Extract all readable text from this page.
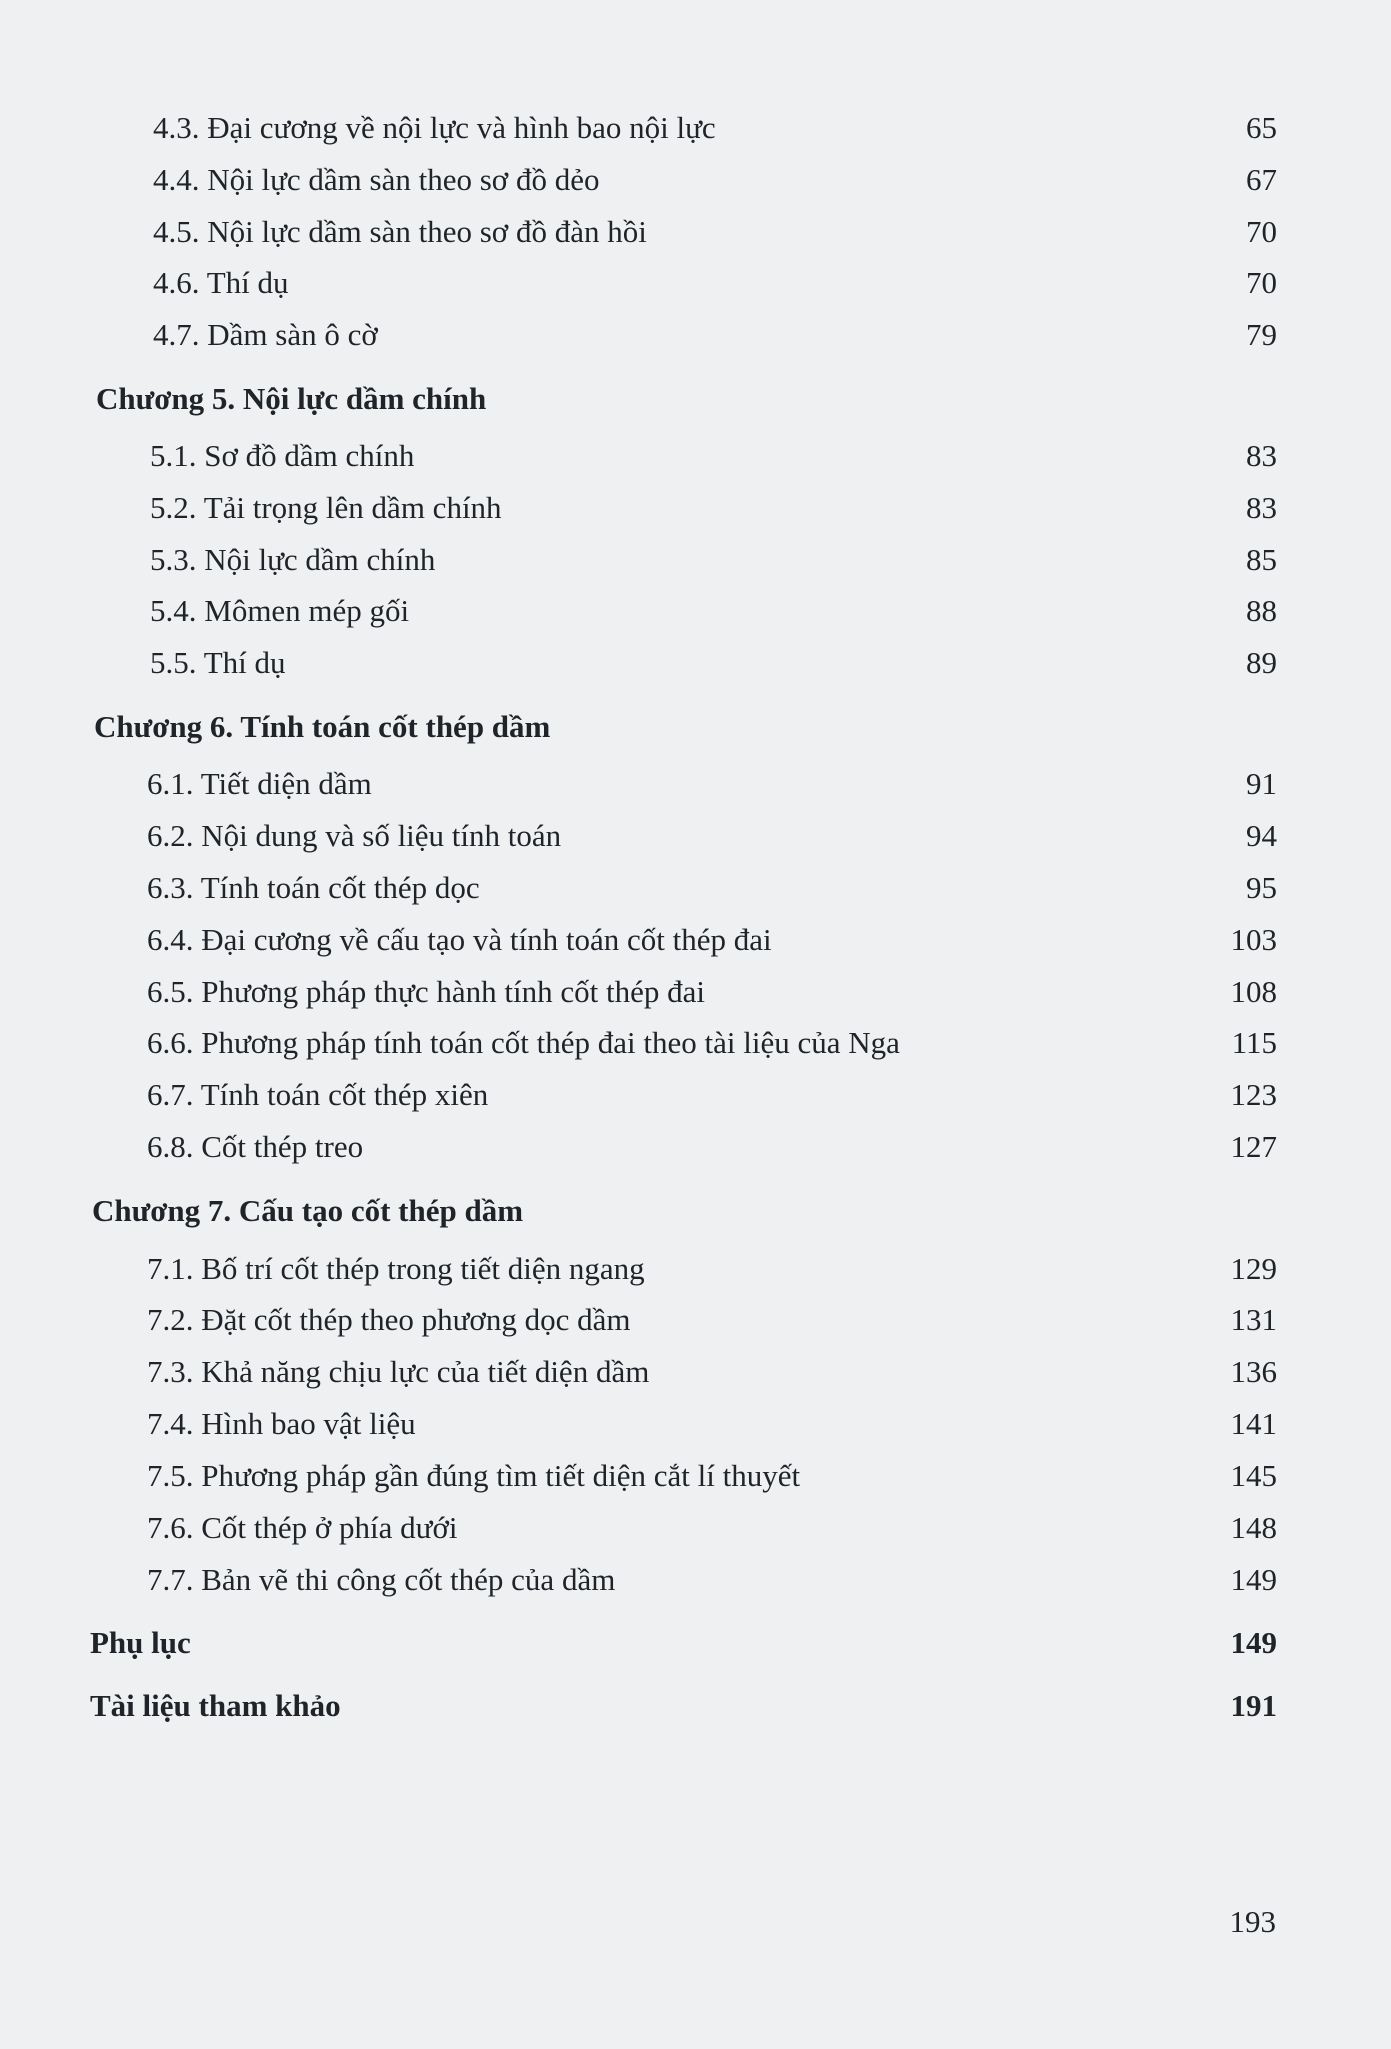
4.3. Đại cương về nội lực và hình bao nội lực	65
4.4. Nội lực dầm sàn theo sơ đồ dẻo	67
4.5. Nội lực dầm sàn theo sơ đồ đàn hồi	70
4.6. Thí dụ	70
4.7. Dầm sàn ô cờ	79
Chương 5. Nội lực dầm chính
5.1. Sơ đồ dầm chính	83
5.2. Tải trọng lên dầm chính	83
5.3. Nội lực dầm chính	85
5.4. Mômen mép gối	88
5.5. Thí dụ	89
Chương 6. Tính toán cốt thép dầm
6.1. Tiết diện dầm	91
6.2. Nội dung và số liệu tính toán	94
6.3. Tính toán cốt thép dọc	95
6.4. Đại cương về cấu tạo và tính toán cốt thép đai	103
6.5. Phương pháp thực hành tính cốt thép đai	108
6.6. Phương pháp tính toán cốt thép đai theo tài liệu của Nga	115
6.7. Tính toán cốt thép xiên	123
6.8. Cốt thép treo	127
Chương 7. Cấu tạo cốt thép dầm
7.1. Bố trí cốt thép trong tiết diện ngang	129
7.2. Đặt cốt thép theo phương dọc dầm	131
7.3. Khả năng chịu lực của tiết diện dầm	136
7.4. Hình bao vật liệu	141
7.5. Phương pháp gần đúng tìm tiết diện cắt lí thuyết	145
7.6. Cốt thép ở phía dưới	148
7.7. Bản vẽ thi công cốt thép của dầm	149
Phụ lục	149
Tài liệu tham khảo	191
193
